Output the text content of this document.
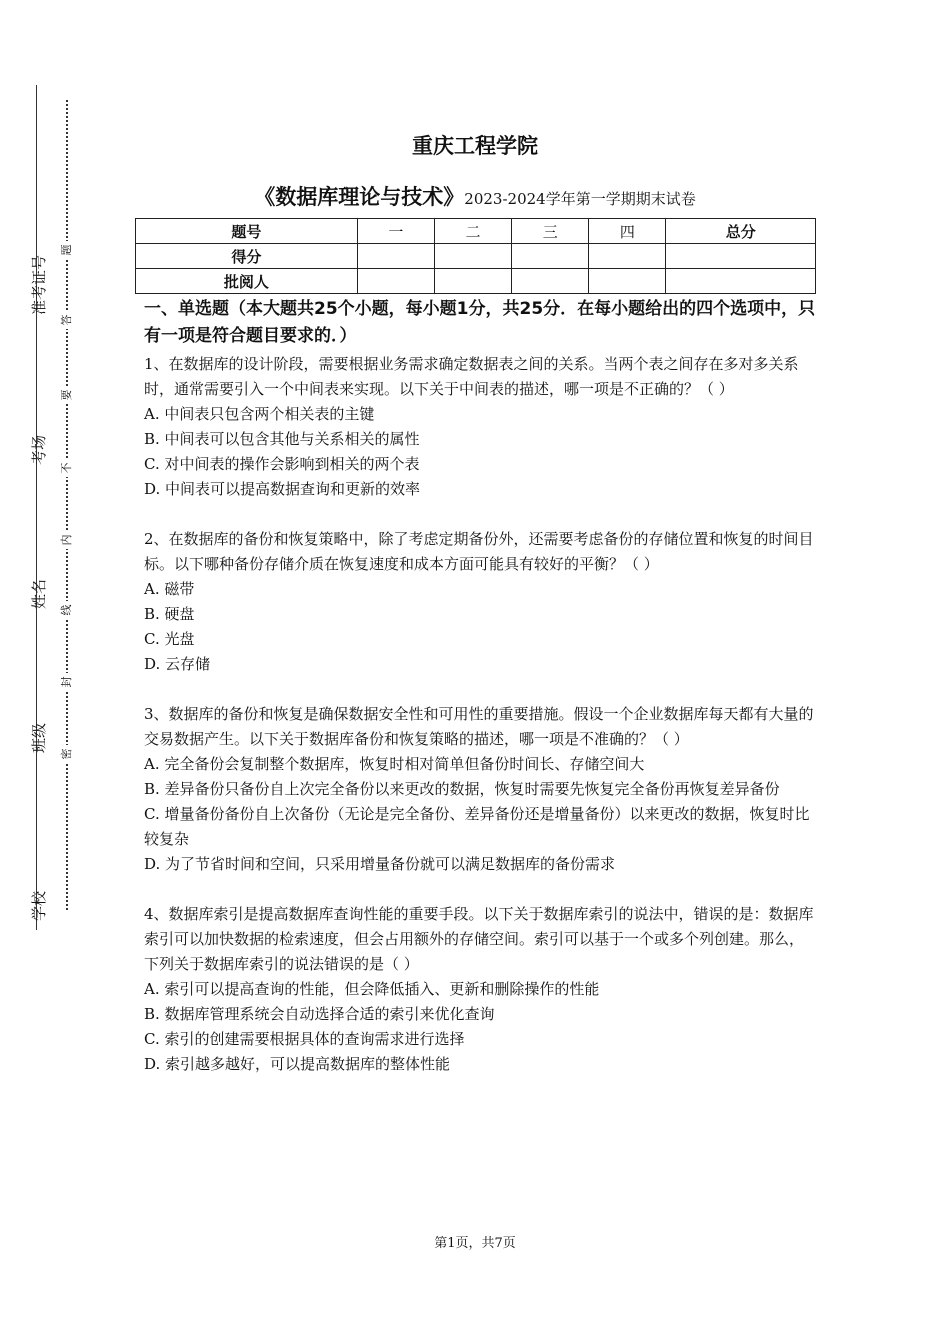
准考证号
考场
姓名
班级
学校
题
答
要
不
内
线
封
密
重庆工程学院
《数据库理论与技术》2023-2024学年第一学期期末试卷
题号	一	二	三	四	总分
得分					
批阅人					

一、单选题（本大题共25个小题，每小题1分，共25分．在每小题给出的四个选项中，只有一项是符合题目要求的．）

1、在数据库的设计阶段，需要根据业务需求确定数据表之间的关系。当两个表之间存在多对多关系时，通常需要引入一个中间表来实现。以下关于中间表的描述，哪一项是不正确的？（ ）

A. 中间表只包含两个相关表的主键

B. 中间表可以包含其他与关系相关的属性

C. 对中间表的操作会影响到相关的两个表

D. 中间表可以提高数据查询和更新的效率

2、在数据库的备份和恢复策略中，除了考虑定期备份外，还需要考虑备份的存储位置和恢复的时间目标。以下哪种备份存储介质在恢复速度和成本方面可能具有较好的平衡？（ ）

A. 磁带

B. 硬盘

C. 光盘

D. 云存储

3、数据库的备份和恢复是确保数据安全性和可用性的重要措施。假设一个企业数据库每天都有大量的交易数据产生。以下关于数据库备份和恢复策略的描述，哪一项是不准确的？（ ）

A. 完全备份会复制整个数据库，恢复时相对简单但备份时间长、存储空间大

B. 差异备份只备份自上次完全备份以来更改的数据，恢复时需要先恢复完全备份再恢复差异备份

C. 增量备份备份自上次备份（无论是完全备份、差异备份还是增量备份）以来更改的数据，恢复时比较复杂

D. 为了节省时间和空间，只采用增量备份就可以满足数据库的备份需求

4、数据库索引是提高数据库查询性能的重要手段。以下关于数据库索引的说法中，错误的是：数据库索引可以加快数据的检索速度，但会占用额外的存储空间。索引可以基于一个或多个列创建。那么，下列关于数据库索引的说法错误的是（ ）

A. 索引可以提高查询的性能，但会降低插入、更新和删除操作的性能

B. 数据库管理系统会自动选择合适的索引来优化查询

C. 索引的创建需要根据具体的查询需求进行选择

D. 索引越多越好，可以提高数据库的整体性能

第1页，共7页
